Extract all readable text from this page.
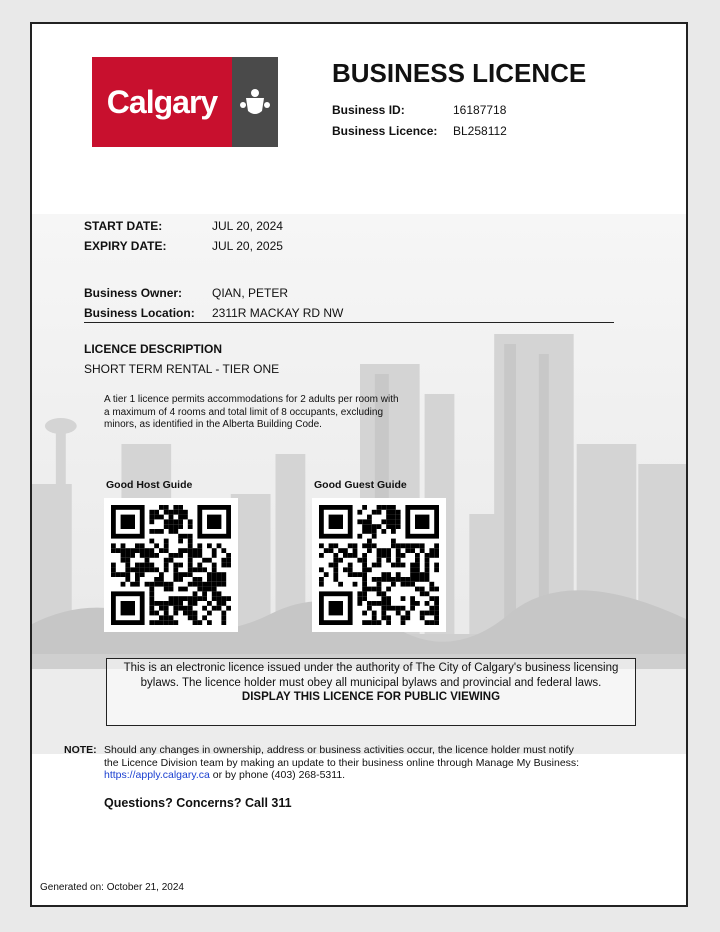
Calgary
BUSINESS LICENCE
Business ID:	16187718
Business Licence: BL258112
START DATE:	JUL 20, 2024
EXPIRY DATE:	JUL 20, 2025
Business Owner: QIAN, PETER
Business Location: 2311R MACKAY RD NW
LICENCE DESCRIPTION
SHORT TERM RENTAL - TIER ONE
A tier 1 licence permits accommodations for 2 adults per room with a maximum of 4 rooms and total limit of 8 occupants, excluding minors, as identified in the Alberta Building Code.
Good Host Guide	Good Guest Guide
This is an electronic licence issued under the authority of The City of Calgary's business licensing bylaws. The licence holder must obey all municipal bylaws and provincial and federal laws.
DISPLAY THIS LICENCE FOR PUBLIC VIEWING
NOTE: Should any changes in ownership, address or business activities occur, the licence holder must notify the Licence Division team by making an update to their business online through Manage My Business: https://apply.calgary.ca or by phone (403) 268-5311.
Questions? Concerns? Call 311
Generated on: October 21, 2024
